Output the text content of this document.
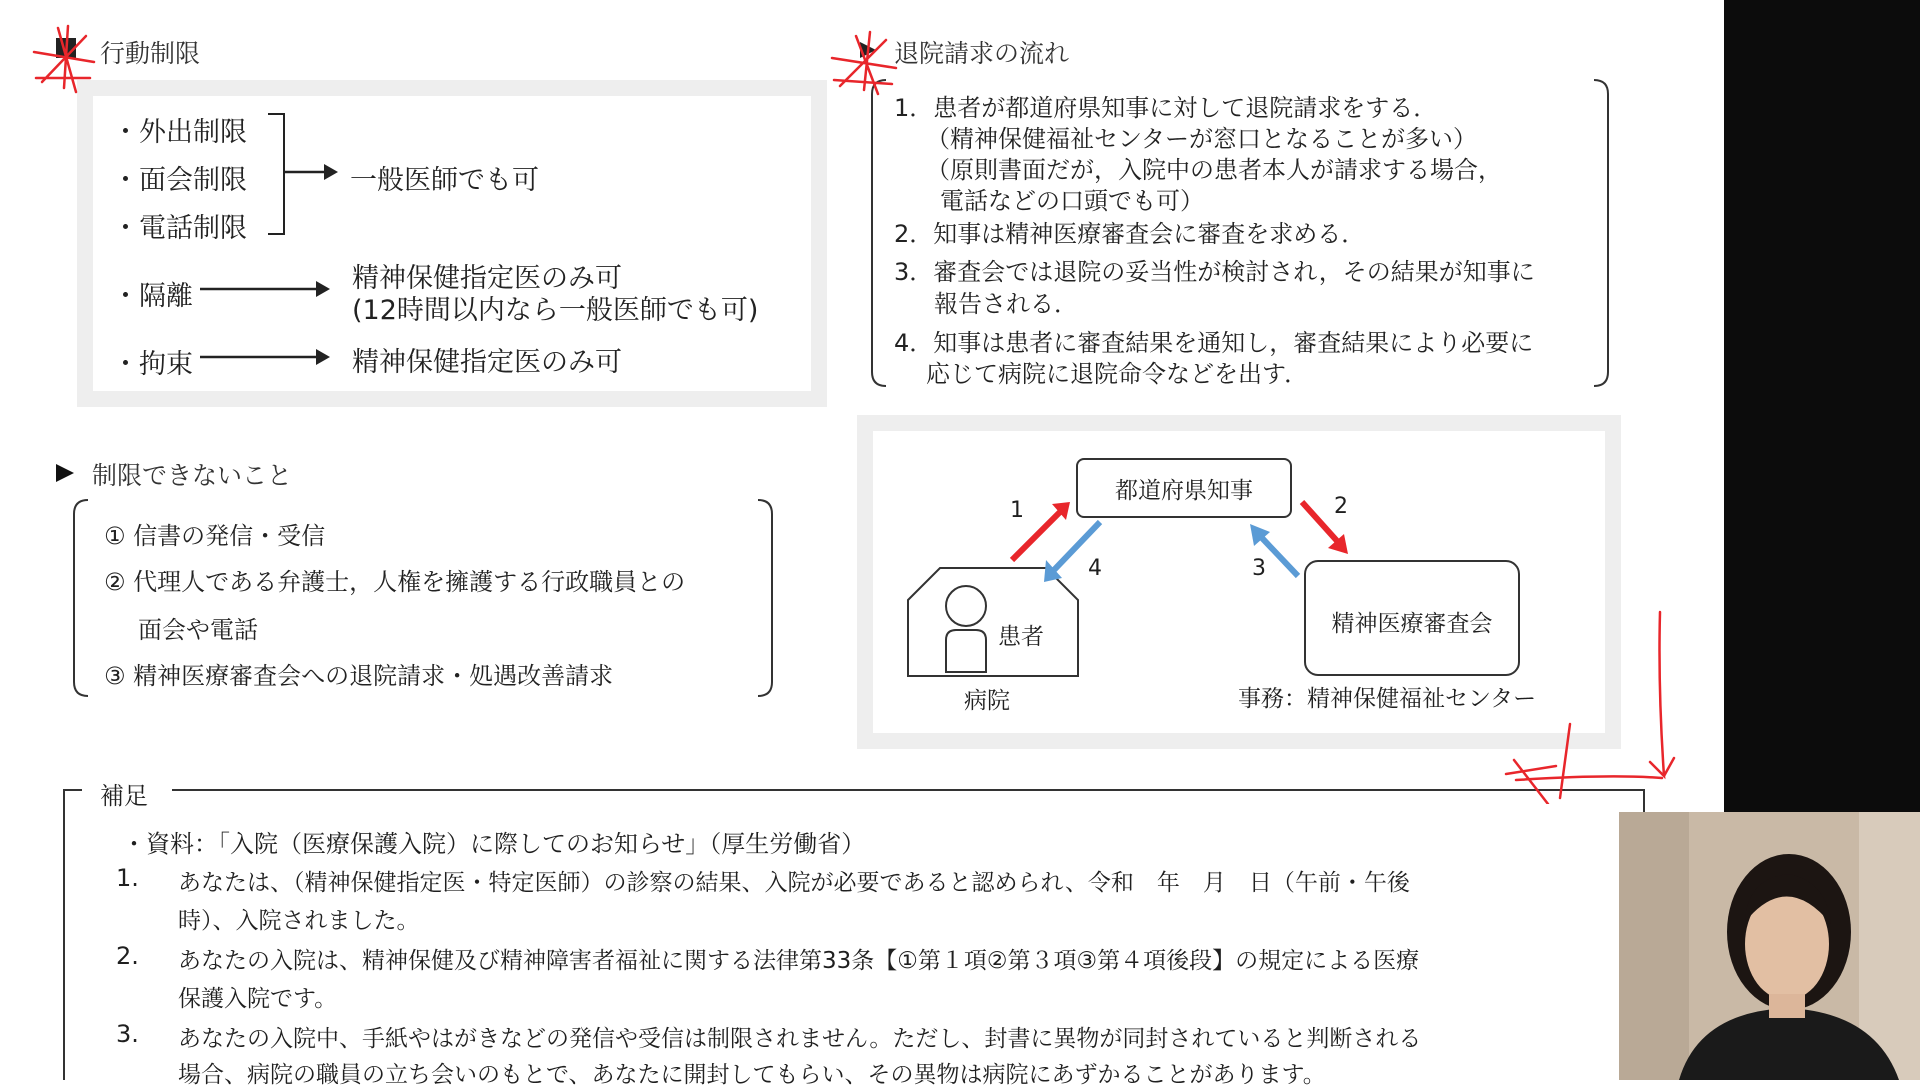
行動制限
・外出制限
・面会制限
・電話制限
一般医師でも可
・隔離
精神保健指定医のみ可
(12時間以内なら一般医師でも可)
・拘束	精神保健指定医のみ可
退院請求の流れ
1．患者が都道府県知事に対して退院請求をする．
（精神保健福祉センターが窓口となることが多い）
（原則書面だが，入院中の患者本人が請求する場合，
電話などの口頭でも可）
2．知事は精神医療審査会に審査を求める．
3．審査会では退院の妥当性が検討され，その結果が知事に
報告される．
4．知事は患者に審査結果を通知し，審査結果により必要に
応じて病院に退院命令などを出す．
制限できないこと
① 信書の発信・受信
② 代理人である弁護士，人権を擁護する行政職員との
面会や電話
③ 精神医療審査会への退院請求・処遇改善請求
都道府県知事
患者
病院
精神医療審査会
事務：精神保健福祉センター
1	2
3
4
補足
・資料：「入院（医療保護入院）に際してのお知らせ」（厚生労働省）
1. あなたは、（精神保健指定医・特定医師）の診察の結果、入院が必要であると認められ、令和　年　月　日（午前・午後
時）、入院されました。
2. あなたの入院は、精神保健及び精神障害者福祉に関する法律第33条【①第１項②第３項③第４項後段】の規定による医療
保護入院です。
3. あなたの入院中、手紙やはがきなどの発信や受信は制限されません。ただし、封書に異物が同封されていると判断される
場合、病院の職員の立ち会いのもとで、あなたに開封してもらい、その異物は病院にあずかることがあります。
